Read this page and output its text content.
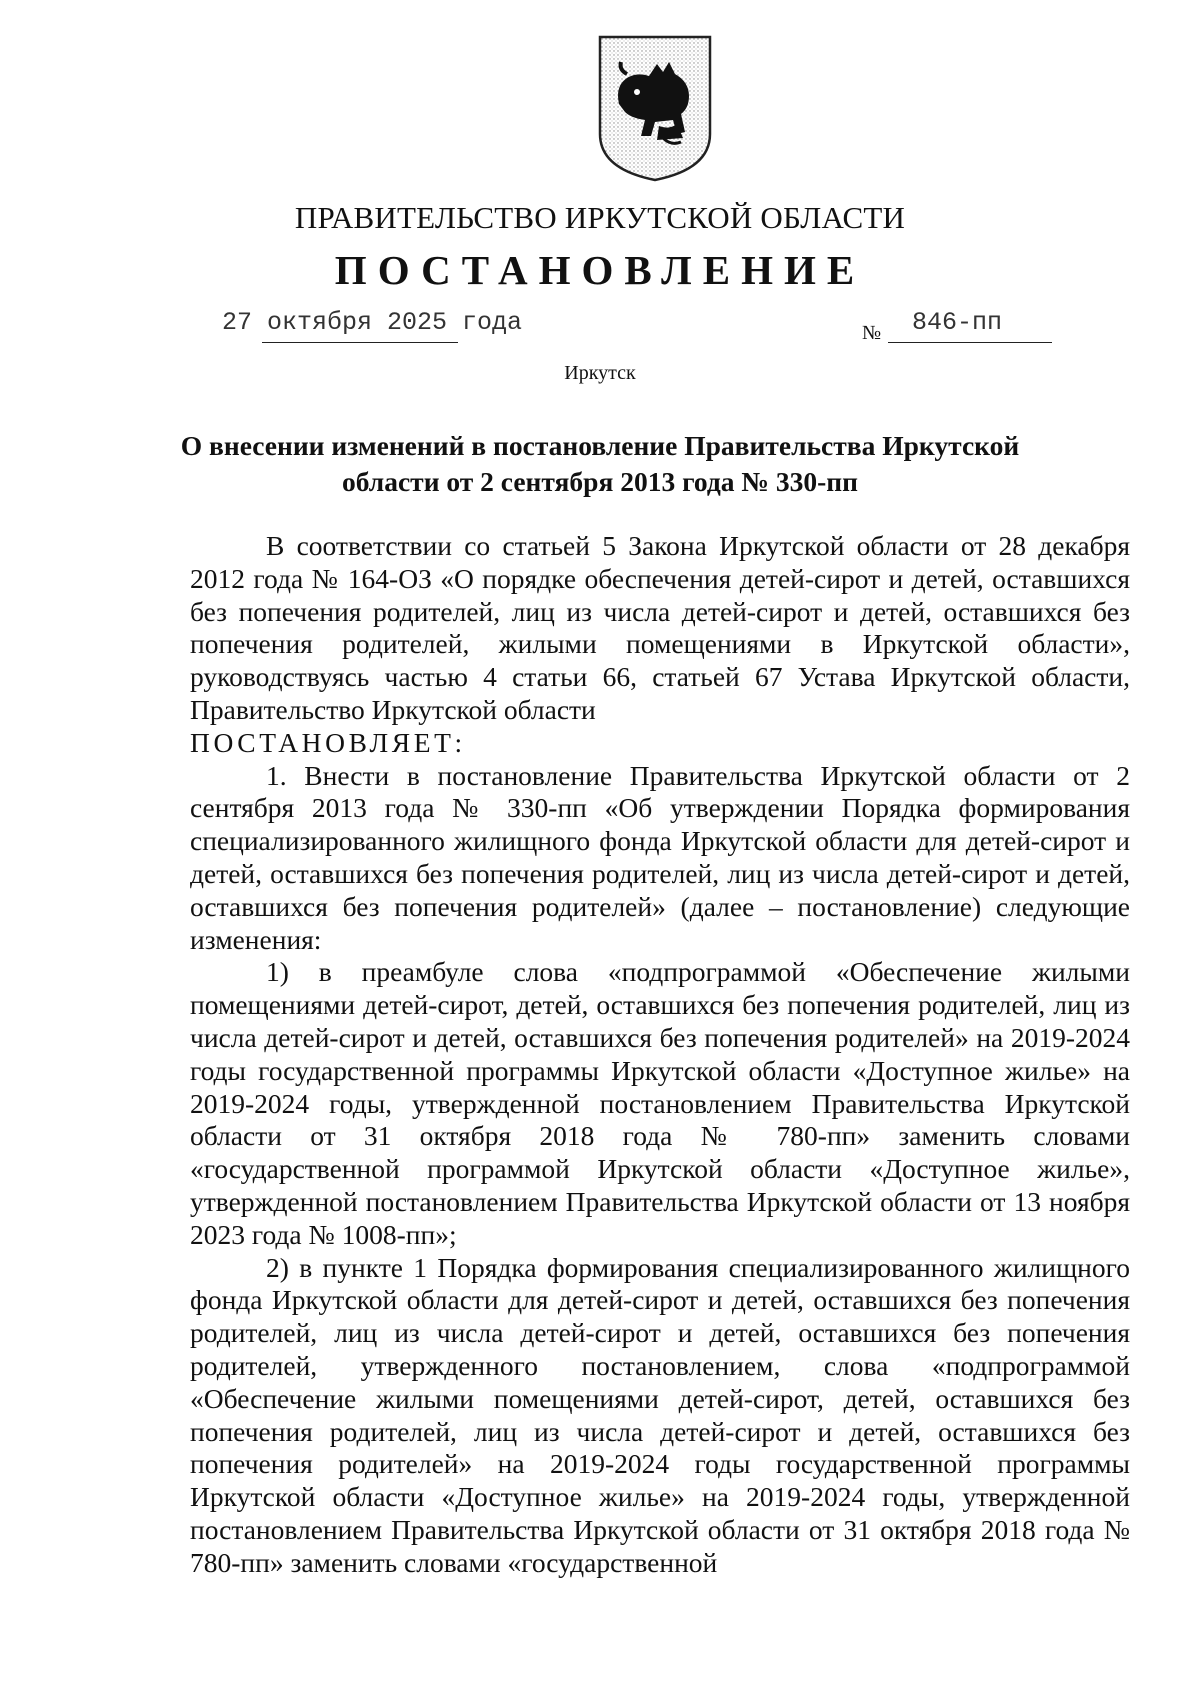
ПРАВИТЕЛЬСТВО ИРКУТСКОЙ ОБЛАСТИ
ПОСТАНОВЛЕНИЕ
27 октября 2025 года	№ 846-пп
Иркутск
О внесении изменений в постановление Правительства Иркутской
области от 2 сентября 2013 года № 330-пп

В соответствии со статьей 5 Закона Иркутской области от 28 декабря 2012 года № 164-ОЗ «О порядке обеспечения детей-сирот и детей, оставшихся без попечения родителей, лиц из числа детей-сирот и детей, оставшихся без попечения родителей, жилыми помещениями в Иркутской области», руководствуясь частью 4 статьи 66, статьей 67 Устава Иркутской области, Правительство Иркутской области

ПОСТАНОВЛЯЕТ:

1. Внести в постановление Правительства Иркутской области от 2 сентября 2013 года № 330-пп «Об утверждении Порядка формирования специализированного жилищного фонда Иркутской области для детей-сирот и детей, оставшихся без попечения родителей, лиц из числа детей-сирот и детей, оставшихся без попечения родителей» (далее – постановление) следующие изменения:

1) в преамбуле слова «подпрограммой «Обеспечение жилыми помещениями детей-сирот, детей, оставшихся без попечения родителей, лиц из числа детей-сирот и детей, оставшихся без попечения родителей» на 2019-2024 годы государственной программы Иркутской области «Доступное жилье» на 2019-2024 годы, утвержденной постановлением Правительства Иркутской области от 31 октября 2018 года № 780-пп» заменить словами «государственной программой Иркутской области «Доступное жилье», утвержденной постановлением Правительства Иркутской области от 13 ноября 2023 года № 1008-пп»;

2) в пункте 1 Порядка формирования специализированного жилищного фонда Иркутской области для детей-сирот и детей, оставшихся без попечения родителей, лиц из числа детей-сирот и детей, оставшихся без попечения родителей, утвержденного постановлением, слова «подпрограммой «Обеспечение жилыми помещениями детей-сирот, детей, оставшихся без попечения родителей, лиц из числа детей-сирот и детей, оставшихся без попечения родителей» на 2019-2024 годы государственной программы Иркутской области «Доступное жилье» на 2019-2024 годы, утвержденной постановлением Правительства Иркутской области от 31 октября 2018 года № 780-пп» заменить словами «государственной
